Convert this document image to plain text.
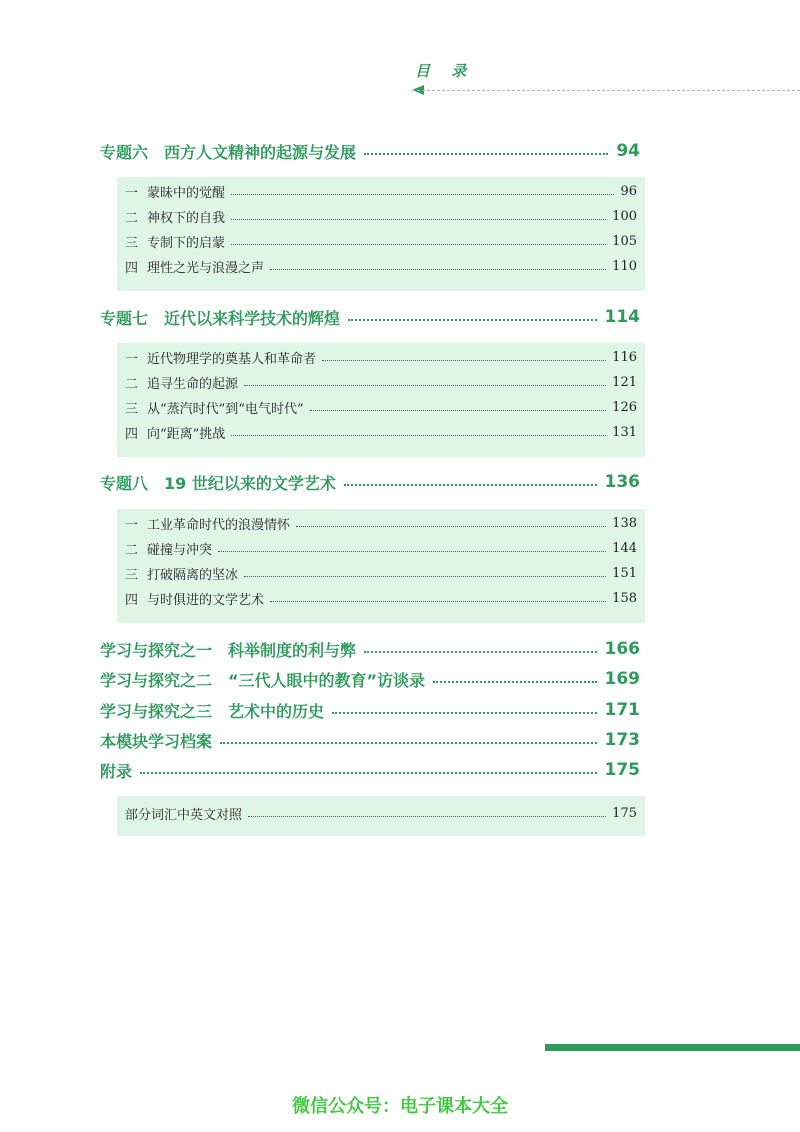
目 录
专题六 西方人文精神的起源与发展	94
一 蒙昧中的觉醒	96
二 神权下的自我	100
三 专制下的启蒙	105
四 理性之光与浪漫之声	110
专题七 近代以来科学技术的辉煌	114
一 近代物理学的奠基人和革命者	116
二 追寻生命的起源	121
三 从“蒸汽时代”到“电气时代”	126
四 向“距离”挑战	131
专题八 19 世纪以来的文学艺术	136
一 工业革命时代的浪漫情怀	138
二 碰撞与冲突	144
三 打破隔离的坚冰	151
四 与时俱进的文学艺术	158
学习与探究之一 科举制度的利与弊	166
学习与探究之二 “三代人眼中的教育”访谈录	169
学习与探究之三 艺术中的历史	171
本模块学习档案	173
附录	175
部分词汇中英文对照	175
微信公众号：电子课本大全
